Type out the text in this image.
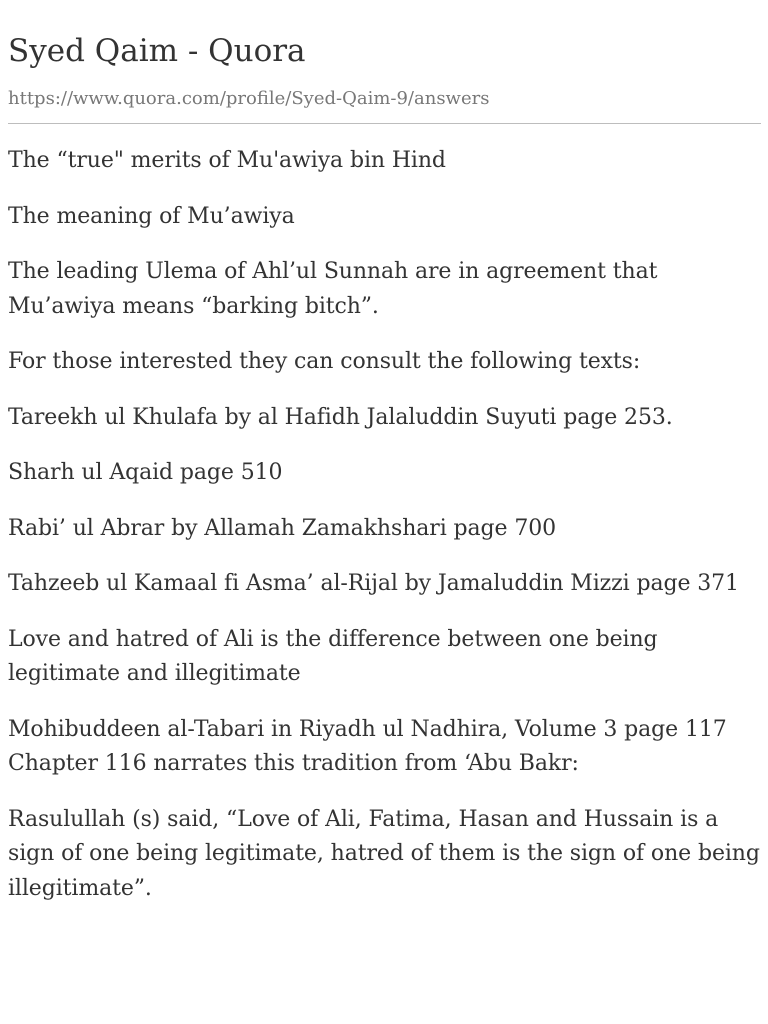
Syed Qaim - Quora
https://www.quora.com/profile/Syed-Qaim-9/answers

The “true" merits of Mu'awiya bin Hind

The meaning of Mu’awiya

The leading Ulema of Ahl’ul Sunnah are in agreement that Mu’awiya means “barking bitch”.

For those interested they can consult the following texts:

Tareekh ul Khulafa by al Hafidh Jalaluddin Suyuti page 253.

Sharh ul Aqaid page 510

Rabi’ ul Abrar by Allamah Zamakhshari page 700

Tahzeeb ul Kamaal fi Asma’ al-Rijal by Jamaluddin Mizzi page 371

Love and hatred of Ali is the difference between one being legitimate and illegitimate

Mohibuddeen al-Tabari in Riyadh ul Nadhira, Volume 3 page 117 Chapter 116 narrates this tradition from ‘Abu Bakr:

Rasulullah (s) said, “Love of Ali, Fatima, Hasan and Hussain is a sign of one being legitimate, hatred of them is the sign of one being illegitimate”.
